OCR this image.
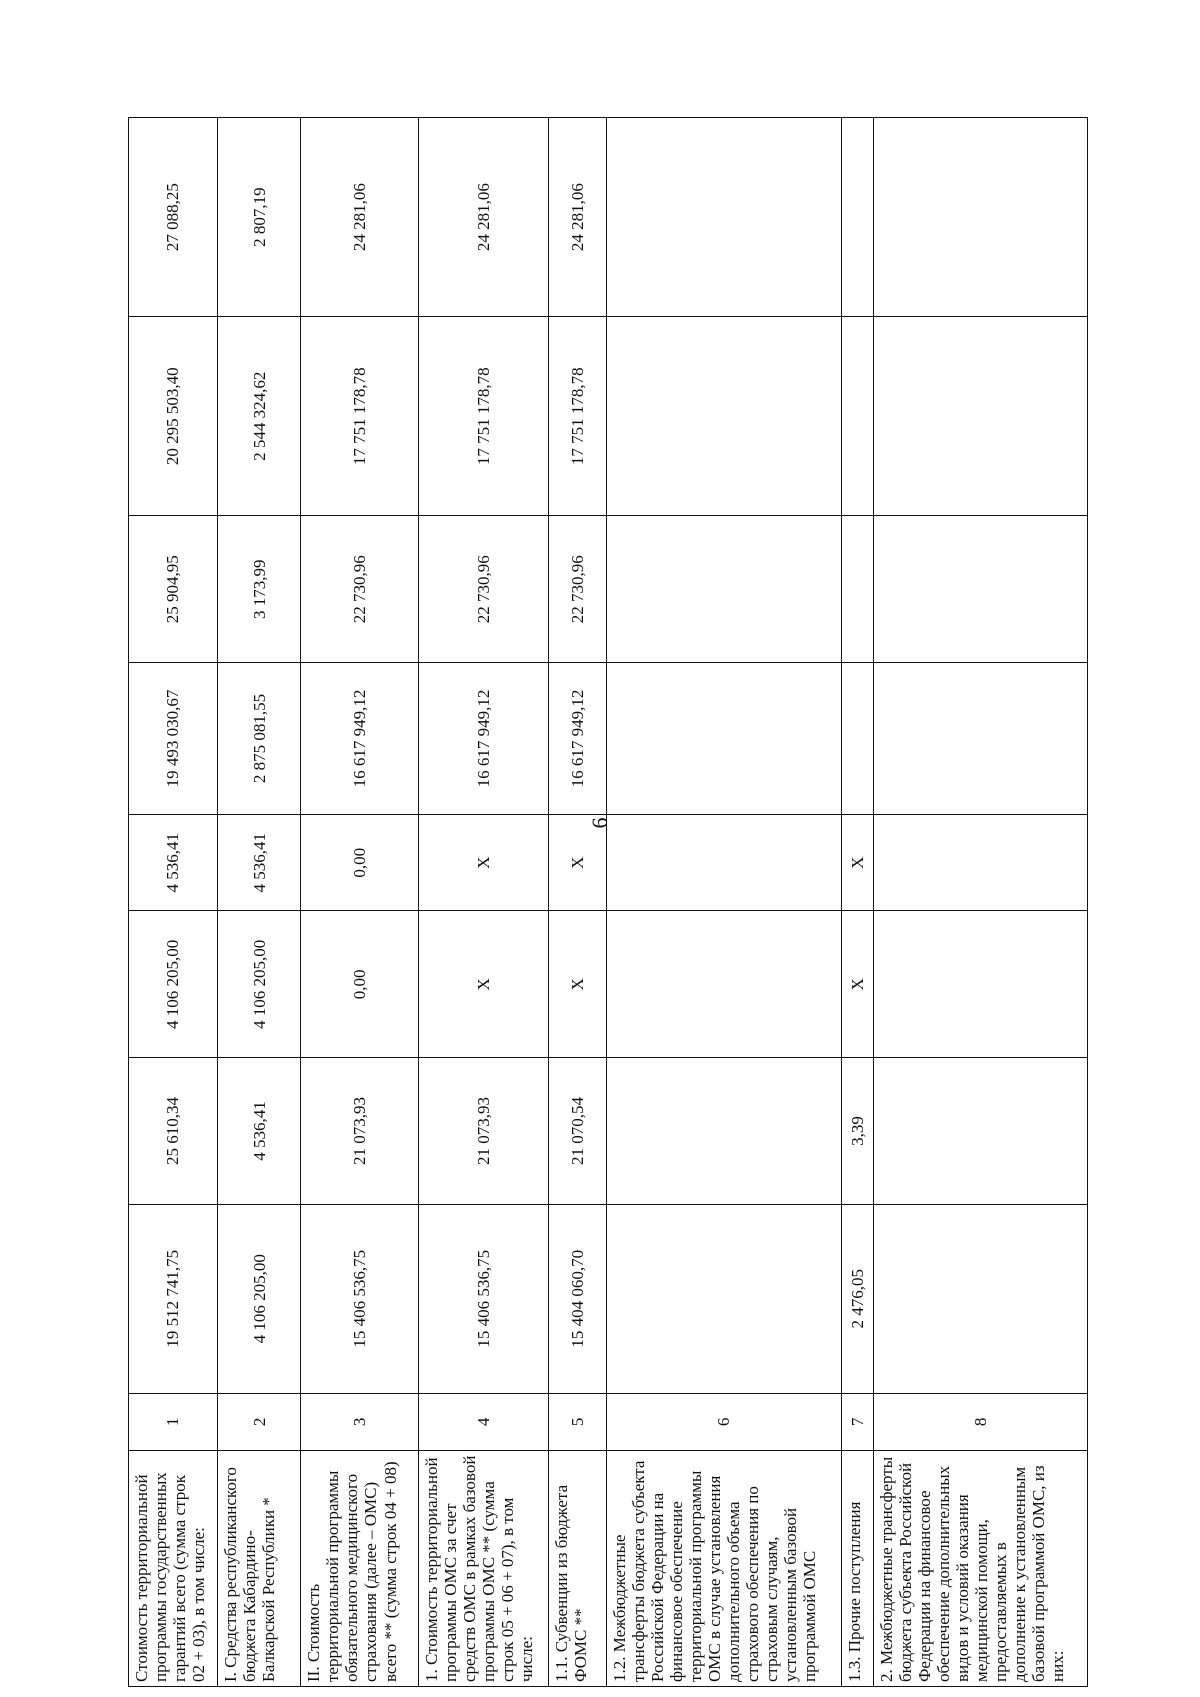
6
Стоимость территориальной программы государственных гарантий всего (сумма строк 02 + 03), в том числе:	1	19 512 741,75	25 610,34	4 106 205,00	4 536,41	19 493 030,67	25 904,95	20 295 503,40	27 088,25
I. Средства республиканского бюджета Кабардино-Балкарской Республики *	2	4 106 205,00	4 536,41	4 106 205,00	4 536,41	2 875 081,55	3 173,99	2 544 324,62	2 807,19
II. Стоимость территориальной программы обязательного медицинского страхования (далее – ОМС) всего ** (сумма строк 04 + 08)	3	15 406 536,75	21 073,93	0,00	0,00	16 617 949,12	22 730,96	17 751 178,78	24 281,06
1. Стоимость территориальной программы ОМС за счет средств ОМС в рамках базовой программы ОМС ** (сумма строк 05 + 06 + 07), в том числе:	4	15 406 536,75	21 073,93	X	X	16 617 949,12	22 730,96	17 751 178,78	24 281,06
1.1. Субвенции из бюджета ФОМС **	5	15 404 060,70	21 070,54	X	X	16 617 949,12	22 730,96	17 751 178,78	24 281,06
1.2. Межбюджетные трансферты бюджета субъекта Российской Федерации на финансовое обеспечение территориальной программы ОМС в случае установления дополнительного объема страхового обеспечения по страховым случаям, установленным базовой программой ОМС	6								
1.3. Прочие поступления	7	2 476,05	3,39	X	X				
2. Межбюджетные трансферты бюджета субъекта Российской Федерации на финансовое обеспечение дополнительных видов и условий оказания медицинской помощи, предоставляемых в дополнение к установленным базовой программой ОМС, из них:	8								
